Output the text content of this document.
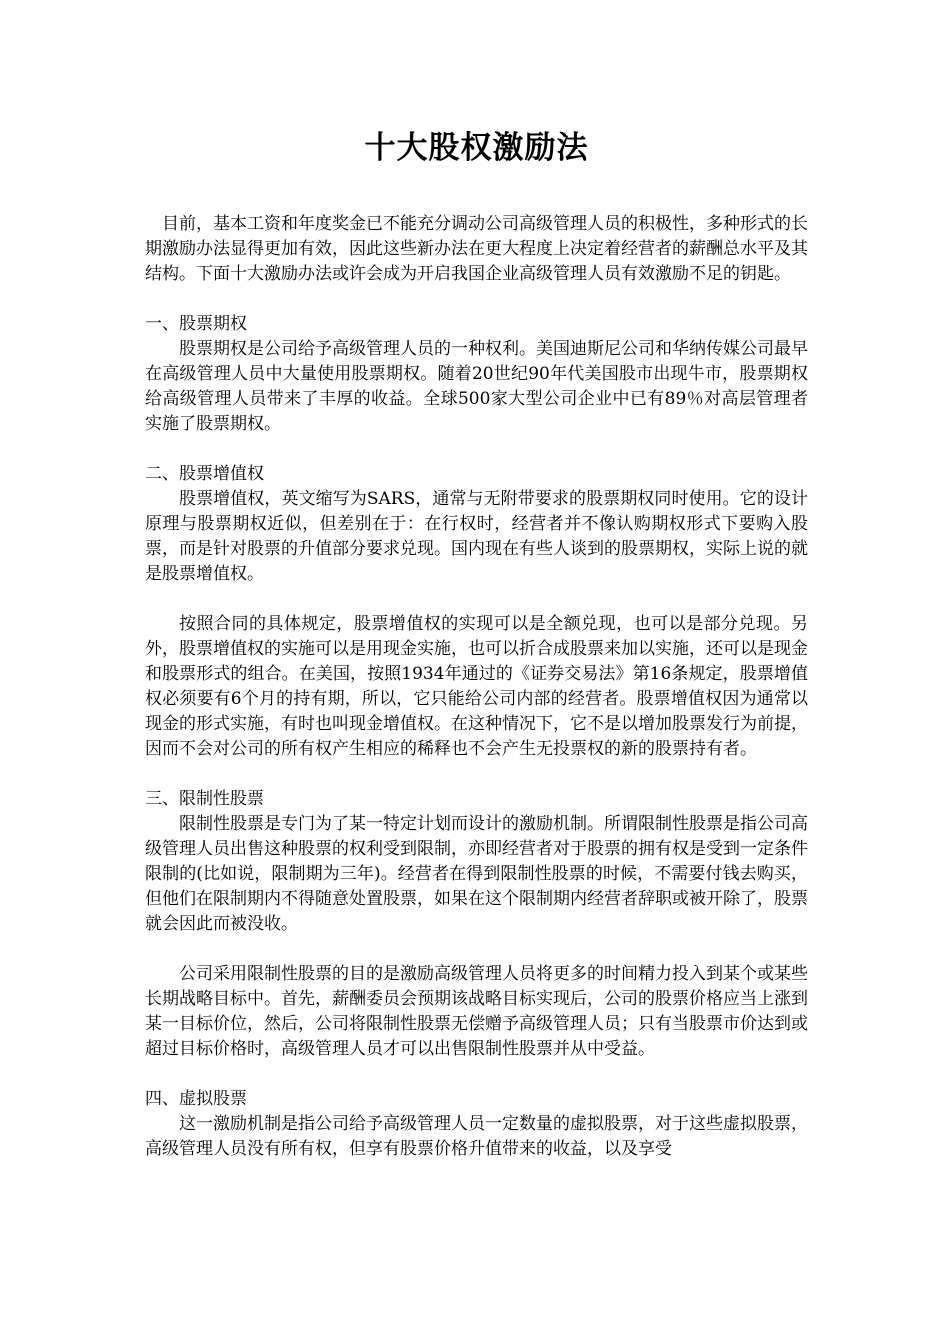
十大股权激励法

目前，基本工资和年度奖金已不能充分调动公司高级管理人员的积极性，多种形式的长期激励办法显得更加有效，因此这些新办法在更大程度上决定着经营者的薪酬总水平及其结构。下面十大激励办法或许会成为开启我国企业高级管理人员有效激励不足的钥匙。

一、股票期权

股票期权是公司给予高级管理人员的一种权利。美国迪斯尼公司和华纳传媒公司最早在高级管理人员中大量使用股票期权。随着20世纪90年代美国股市出现牛市，股票期权给高级管理人员带来了丰厚的收益。全球500家大型公司企业中已有89％对高层管理者实施了股票期权。

二、股票增值权

股票增值权，英文缩写为SARS，通常与无附带要求的股票期权同时使用。它的设计原理与股票期权近似，但差别在于：在行权时，经营者并不像认购期权形式下要购入股票，而是针对股票的升值部分要求兑现。国内现在有些人谈到的股票期权，实际上说的就是股票增值权。

按照合同的具体规定，股票增值权的实现可以是全额兑现，也可以是部分兑现。另外，股票增值权的实施可以是用现金实施，也可以折合成股票来加以实施，还可以是现金和股票形式的组合。在美国，按照1934年通过的《证券交易法》第16条规定，股票增值权必须要有6个月的持有期，所以，它只能给公司内部的经营者。股票增值权因为通常以现金的形式实施，有时也叫现金增值权。在这种情况下，它不是以增加股票发行为前提，因而不会对公司的所有权产生相应的稀释也不会产生无投票权的新的股票持有者。

三、限制性股票

限制性股票是专门为了某一特定计划而设计的激励机制。所谓限制性股票是指公司高级管理人员出售这种股票的权利受到限制，亦即经营者对于股票的拥有权是受到一定条件限制的(比如说，限制期为三年)。经营者在得到限制性股票的时候，不需要付钱去购买，但他们在限制期内不得随意处置股票，如果在这个限制期内经营者辞职或被开除了，股票就会因此而被没收。

公司采用限制性股票的目的是激励高级管理人员将更多的时间精力投入到某个或某些长期战略目标中。首先，薪酬委员会预期该战略目标实现后，公司的股票价格应当上涨到某一目标价位，然后，公司将限制性股票无偿赠予高级管理人员；只有当股票市价达到或超过目标价格时，高级管理人员才可以出售限制性股票并从中受益。

四、虚拟股票

这一激励机制是指公司给予高级管理人员一定数量的虚拟股票，对于这些虚拟股票，高级管理人员没有所有权，但享有股票价格升值带来的收益，以及享受
